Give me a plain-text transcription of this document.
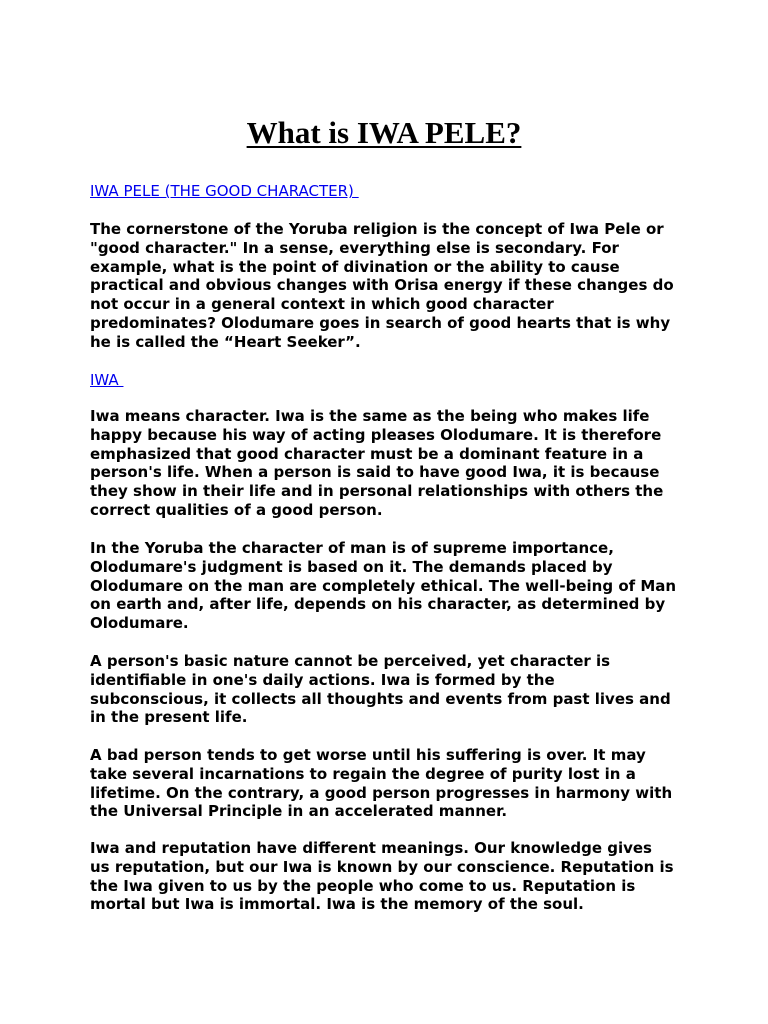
What is IWA PELE?
IWA PELE (THE GOOD CHARACTER)

The cornerstone of the Yoruba religion is the concept of Iwa Pele or
"good character." In a sense, everything else is secondary. For
example, what is the point of divination or the ability to cause
practical and obvious changes with Orisa energy if these changes do
not occur in a general context in which good character
predominates? Olodumare goes in search of good hearts that is why
he is called the “Heart Seeker”.

IWA

Iwa means character. Iwa is the same as the being who makes life
happy because his way of acting pleases Olodumare. It is therefore
emphasized that good character must be a dominant feature in a
person's life. When a person is said to have good Iwa, it is because
they show in their life and in personal relationships with others the
correct qualities of a good person.

In the Yoruba the character of man is of supreme importance,
Olodumare's judgment is based on it. The demands placed by
Olodumare on the man are completely ethical. The well-being of Man
on earth and, after life, depends on his character, as determined by
Olodumare.

A person's basic nature cannot be perceived, yet character is
identifiable in one's daily actions. Iwa is formed by the
subconscious, it collects all thoughts and events from past lives and
in the present life.

A bad person tends to get worse until his suffering is over. It may
take several incarnations to regain the degree of purity lost in a
lifetime. On the contrary, a good person progresses in harmony with
the Universal Principle in an accelerated manner.

Iwa and reputation have different meanings. Our knowledge gives
us reputation, but our Iwa is known by our conscience. Reputation is
the Iwa given to us by the people who come to us. Reputation is
mortal but Iwa is immortal. Iwa is the memory of the soul.
